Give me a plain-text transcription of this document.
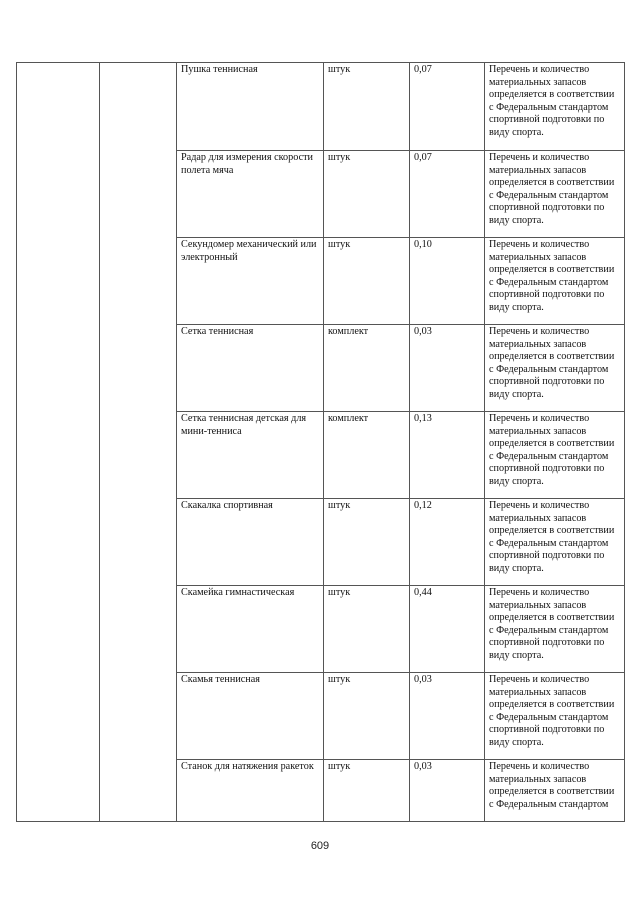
		Пушка теннисная	штук	0,07	Перечень и количество материальных запасов определяется в соответствии с Федеральным стандартом спортивной подготовки по виду спорта.
		Радар для измерения скорости полета мяча	штук	0,07	Перечень и количество материальных запасов определяется в соответствии с Федеральным стандартом спортивной подготовки по виду спорта.
		Секундомер механический или электронный	штук	0,10	Перечень и количество материальных запасов определяется в соответствии с Федеральным стандартом спортивной подготовки по виду спорта.
		Сетка теннисная	комплект	0,03	Перечень и количество материальных запасов определяется в соответствии с Федеральным стандартом спортивной подготовки по виду спорта.
		Сетка теннисная детская для мини-тенниса	комплект	0,13	Перечень и количество материальных запасов определяется в соответствии с Федеральным стандартом спортивной подготовки по виду спорта.
		Скакалка спортивная	штук	0,12	Перечень и количество материальных запасов определяется в соответствии с Федеральным стандартом спортивной подготовки по виду спорта.
		Скамейка гимнастическая	штук	0,44	Перечень и количество материальных запасов определяется в соответствии с Федеральным стандартом спортивной подготовки по виду спорта.
		Скамья теннисная	штук	0,03	Перечень и количество материальных запасов определяется в соответствии с Федеральным стандартом спортивной подготовки по виду спорта.
		Станок для натяжения ракеток	штук	0,03	Перечень и количество материальных запасов определяется в соответствии с Федеральным стандартом
609
